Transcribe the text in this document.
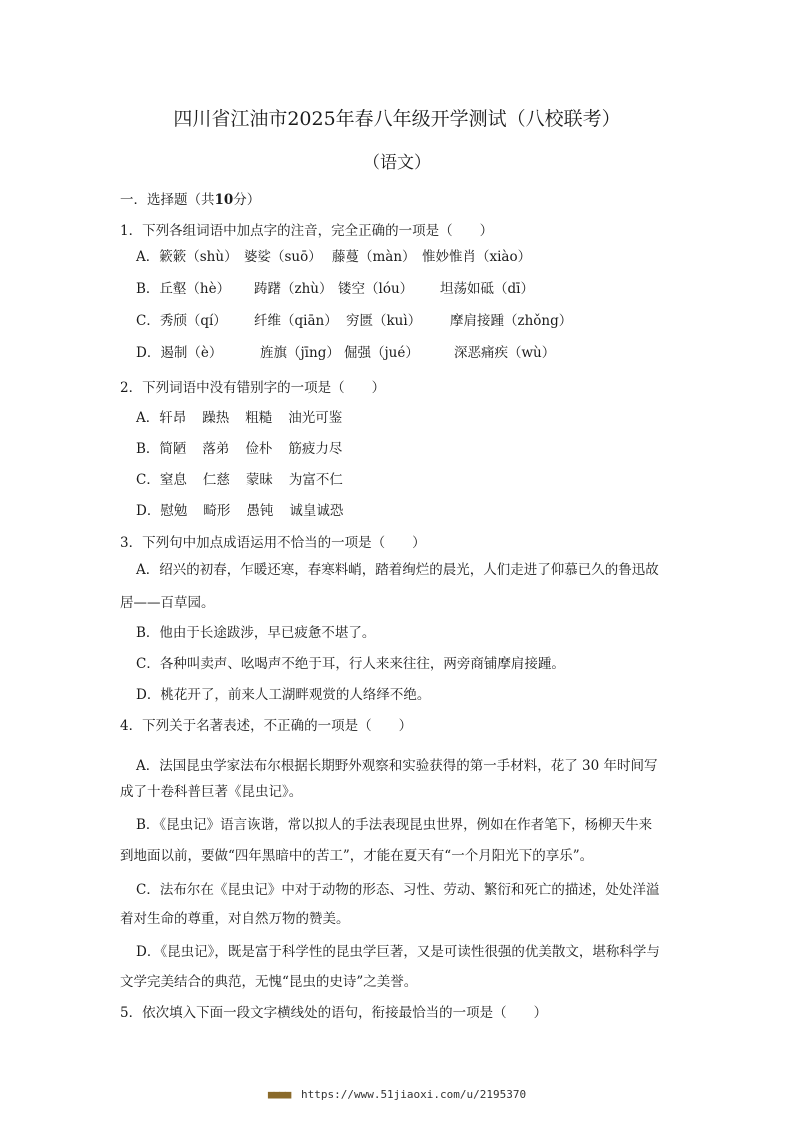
四川省江油市2025年春八年级开学测试（八校联考）
（语文）
一．选择题（共10分）
1．下列各组词语中加点字的注音，完全正确的一项是（　　）
A．簌簌（shù） 婆娑（suō） 藤蔓（màn） 惟妙惟肖（xiào）
B．丘壑（hè） 踌躇（zhù） 镂空（lóu） 坦荡如砥（dī）
C．秀颀（qí） 纤维（qiān） 穷匮（kuì） 摩肩接踵（zhǒng）
D．遏制（è）	旌旗（jīng） 倔强（jué）	深恶痛疾（wù）
2．下列词语中没有错别字的一项是（　　）
A．轩昂 躁热 粗糙 油光可鉴
B．简陋 落弟 俭朴 筋疲力尽
C．窒息 仁慈 蒙昧 为富不仁
D．慰勉 畸形 愚钝 诚皇诚恐
3．下列句中加点成语运用不恰当的一项是（　　）
A．绍兴的初春，乍暖还寒，春寒料峭，踏着绚烂的晨光，人们走进了仰慕已久的鲁迅故
居——百草园。
B．他由于长途跋涉，早已疲惫不堪了。
C．各种叫卖声、吆喝声不绝于耳，行人来来往往，两旁商铺摩肩接踵。
D．桃花开了，前来人工湖畔观赏的人络绎不绝。
4．下列关于名著表述，不正确的一项是（　　）
A．法国昆虫学家法布尔根据长期野外观察和实验获得的第一手材料，花了 30 年时间写
成了十卷科普巨著《昆虫记》。
B．《昆虫记》语言诙谐，常以拟人的手法表现昆虫世界，例如在作者笔下，杨柳天牛来
到地面以前，要做“四年黑暗中的苦工”，才能在夏天有“一个月阳光下的享乐”。
C．法布尔在《昆虫记》中对于动物的形态、习性、劳动、繁衍和死亡的描述，处处洋溢
着对生命的尊重，对自然万物的赞美。
D．《昆虫记》，既是富于科学性的昆虫学巨著，又是可读性很强的优美散文，堪称科学与
文学完美结合的典范，无愧“昆虫的史诗”之美誉。
5．依次填入下面一段文字横线处的语句，衔接最恰当的一项是（　　）
■■■■ https://www.51jiaoxi.com/u/2195370
